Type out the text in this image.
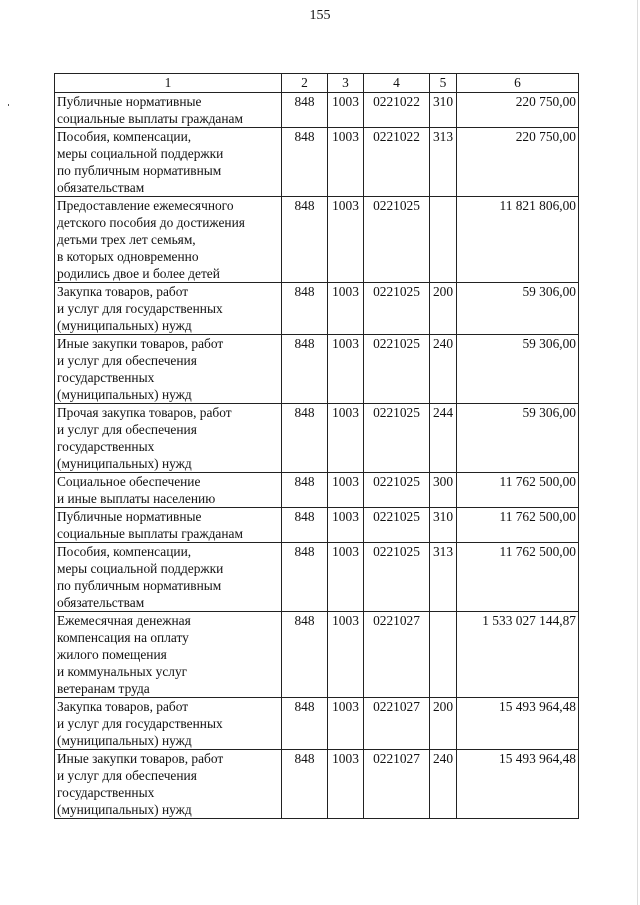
155
1	2	3	4	5	6
Публичные нормативные
социальные выплаты гражданам	848	1003	0221022	310	220 750,00
Пособия, компенсации,
меры социальной поддержки
по публичным нормативным
обязательствам	848	1003	0221022	313	220 750,00
Предоставление ежемесячного
детского пособия до достижения
детьми трех лет семьям,
в которых одновременно
родились двое и более детей	848	1003	0221025		11 821 806,00
Закупка товаров, работ
и услуг для государственных
(муниципальных) нужд	848	1003	0221025	200	59 306,00
Иные закупки товаров, работ
и услуг для обеспечения
государственных
(муниципальных) нужд	848	1003	0221025	240	59 306,00
Прочая закупка товаров, работ
и услуг для обеспечения
государственных
(муниципальных) нужд	848	1003	0221025	244	59 306,00
Социальное обеспечение
и иные выплаты населению	848	1003	0221025	300	11 762 500,00
Публичные нормативные
социальные выплаты гражданам	848	1003	0221025	310	11 762 500,00
Пособия, компенсации,
меры социальной поддержки
по публичным нормативным
обязательствам	848	1003	0221025	313	11 762 500,00
Ежемесячная денежная
компенсация на оплату
жилого помещения
и коммунальных услуг
ветеранам труда	848	1003	0221027		1 533 027 144,87
Закупка товаров, работ
и услуг для государственных
(муниципальных) нужд	848	1003	0221027	200	15 493 964,48
Иные закупки товаров, работ
и услуг для обеспечения
государственных
(муниципальных) нужд	848	1003	0221027	240	15 493 964,48
